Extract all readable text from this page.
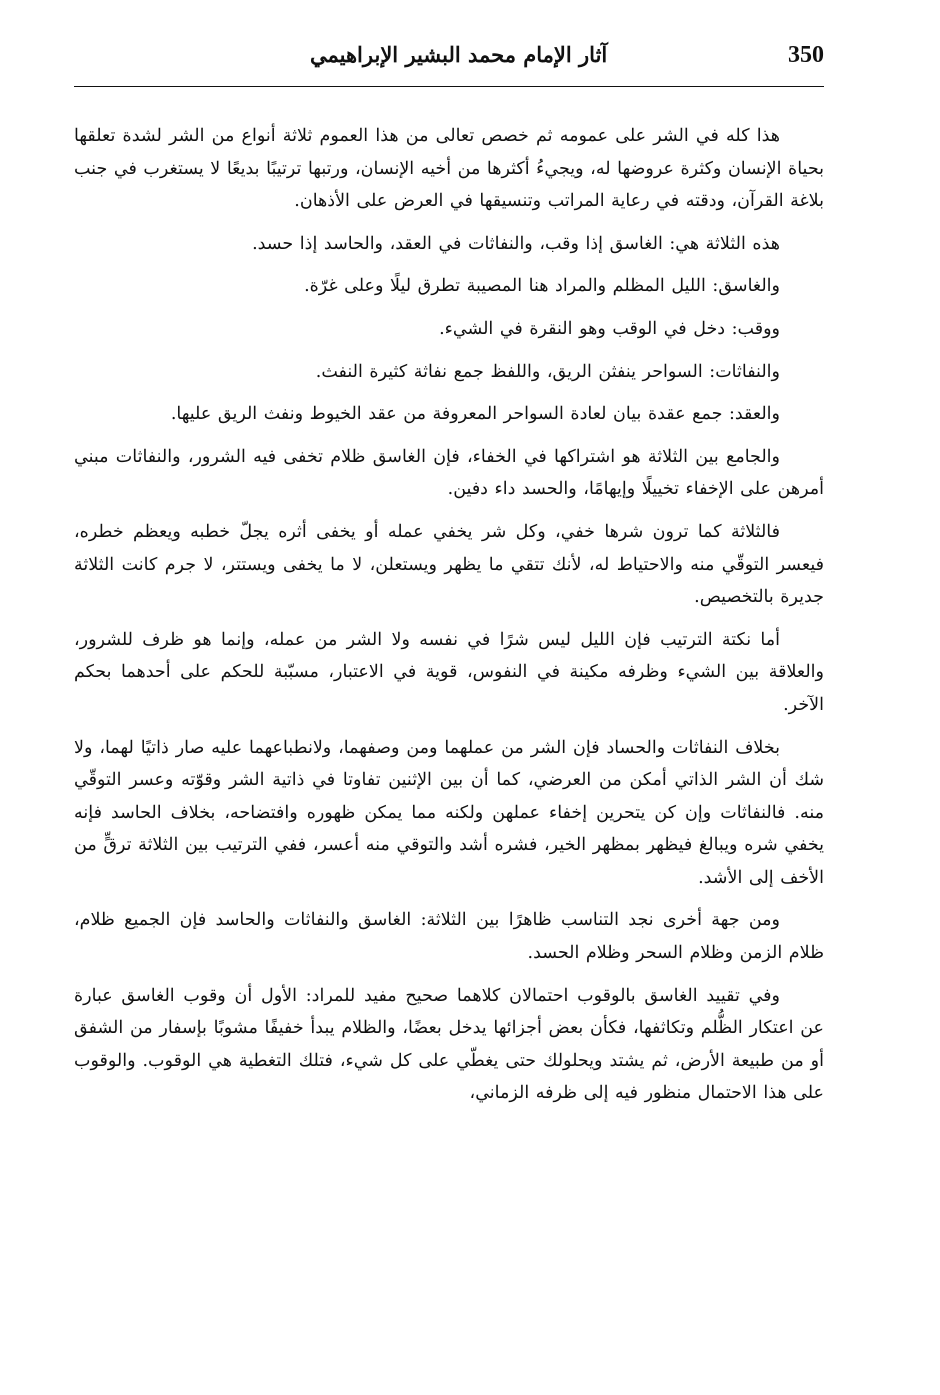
350
آثار الإمام محمد البشير الإبراهيمي

هذا كله في الشر على عمومه ثم خصص تعالى من هذا العموم ثلاثة أنواع من الشر لشدة تعلقها بحياة الإنسان وكثرة عروضها له، ويجيءُ أكثرها من أخيه الإنسان، ورتبها ترتيبًا بديعًا لا يستغرب في جنب بلاغة القرآن، ودقته في رعاية المراتب وتنسيقها في العرض على الأذهان.

هذه الثلاثة هي: الغاسق إذا وقب، والنفاثات في العقد، والحاسد إذا حسد.

والغاسق: الليل المظلم والمراد هنا المصيبة تطرق ليلًا وعلى غرّة.

ووقب: دخل في الوقب وهو النقرة في الشيء.

والنفاثات: السواحر ينفثن الريق، واللفظ جمع نفاثة كثيرة النفث.

والعقد: جمع عقدة بيان لعادة السواحر المعروفة من عقد الخيوط ونفث الريق عليها.

والجامع بين الثلاثة هو اشتراكها في الخفاء، فإن الغاسق ظلام تخفى فيه الشرور، والنفاثات مبني أمرهن على الإخفاء تخييلًا وإيهامًا، والحسد داء دفين.

فالثلاثة كما ترون شرها خفي، وكل شر يخفي عمله أو يخفى أثره يجلّ خطبه ويعظم خطره، فيعسر التوقّي منه والاحتياط له، لأنك تتقي ما يظهر ويستعلن، لا ما يخفى ويستتر، لا جرم كانت الثلاثة جديرة بالتخصيص.

أما نكتة الترتيب فإن الليل ليس شرًا في نفسه ولا الشر من عمله، وإنما هو ظرف للشرور، والعلاقة بين الشيء وظرفه مكينة في النفوس، قوية في الاعتبار، مسبّبة للحكم على أحدهما بحكم الآخر.

بخلاف النفاثات والحساد فإن الشر من عملهما ومن وصفهما، ولانطباعهما عليه صار ذاتيًا لهما، ولا شك أن الشر الذاتي أمكن من العرضي، كما أن بين الإثنين تفاوتا في ذاتية الشر وقوّته وعسر التوقّي منه. فالنفاثات وإن كن يتحرين إخفاء عملهن ولكنه مما يمكن ظهوره وافتضاحه، بخلاف الحاسد فإنه يخفي شره ويبالغ فيظهر بمظهر الخير، فشره أشد والتوقي منه أعسر، ففي الترتيب بين الثلاثة ترقٍّ من الأخف إلى الأشد.

ومن جهة أخرى نجد التناسب ظاهرًا بين الثلاثة: الغاسق والنفاثات والحاسد فإن الجميع ظلام، ظلام الزمن وظلام السحر وظلام الحسد.

وفي تقييد الغاسق بالوقوب احتمالان كلاهما صحيح مفيد للمراد: الأول أن وقوب الغاسق عبارة عن اعتكار الظُّلم وتكاثفها، فكأن بعض أجزائها يدخل بعضًا، والظلام يبدأ خفيفًا مشوبًا بإسفار من الشفق أو من طبيعة الأرض، ثم يشتد ويحلولك حتى يغطّي على كل شيء، فتلك التغطية هي الوقوب. والوقوب على هذا الاحتمال منظور فيه إلى ظرفه الزماني،
